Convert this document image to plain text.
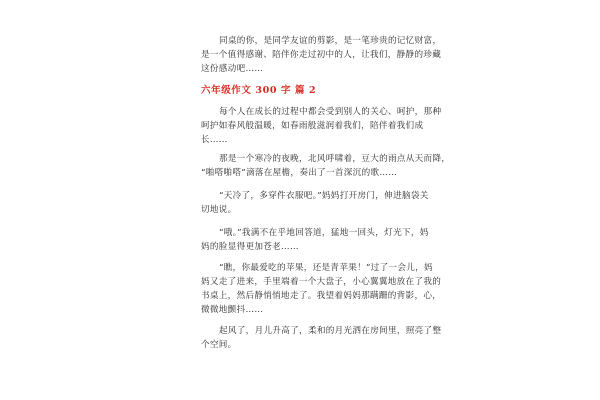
同桌的你，是同学友谊的剪影，是一笔珍贵的记忆财富，
是一个值得感谢、陪伴你走过初中的人，让我们，静静的珍藏
这份感动吧……
六年级作文 300 字 篇 2
每个人在成长的过程中都会受到别人的关心、呵护，那种
呵护如春风般温暖，如春雨般滋润着我们，陪伴着我们成
长……
那是一个寒冷的夜晚，北风呼啸着，豆大的雨点从天而降，
“啪嗒啪嗒”滴落在屋檐，奏出了一首深沉的歌……
“天冷了，多穿件衣服吧。”妈妈打开房门，伸进脑袋关
切地说。
“哦。”我满不在乎地回答道，猛地一回头，灯光下，妈
妈的脸显得更加苍老……
“瞧，你最爱吃的苹果，还是青苹果！”过了一会儿，妈
妈又走了进来，手里端着一个大盘子，小心翼翼地放在了我的
书桌上，然后静悄悄地走了。我望着妈妈那蹒跚的背影，心，
微微地颤抖……
起风了，月儿升高了，柔和的月光洒在房间里，照亮了整
个空间。
